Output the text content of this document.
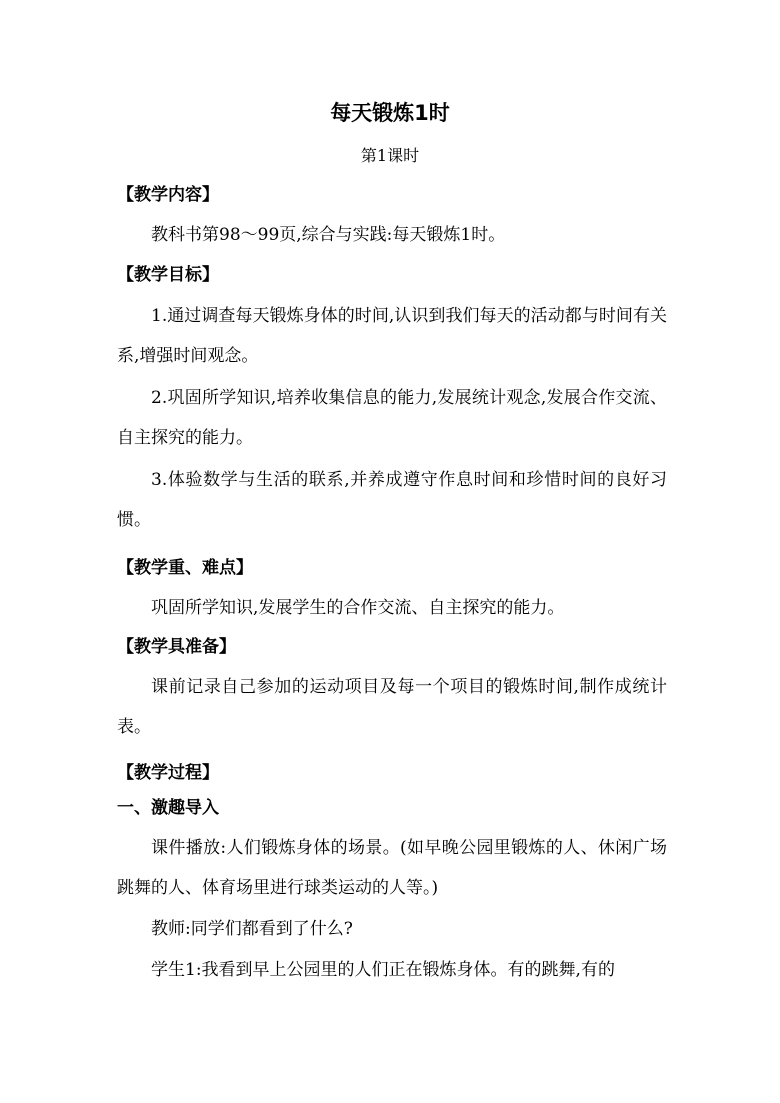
每天锻炼1时
第1课时
【教学内容】
教科书第98～99页,综合与实践:每天锻炼1时。
【教学目标】
1.通过调查每天锻炼身体的时间,认识到我们每天的活动都与时间有关系,增强时间观念。
2.巩固所学知识,培养收集信息的能力,发展统计观念,发展合作交流、自主探究的能力。
3.体验数学与生活的联系,并养成遵守作息时间和珍惜时间的良好习惯。
【教学重、难点】
巩固所学知识,发展学生的合作交流、自主探究的能力。
【教学具准备】
课前记录自己参加的运动项目及每一个项目的锻炼时间,制作成统计表。
【教学过程】
一、激趣导入
课件播放:人们锻炼身体的场景。(如早晚公园里锻炼的人、休闲广场跳舞的人、体育场里进行球类运动的人等。)
教师:同学们都看到了什么?
学生1:我看到早上公园里的人们正在锻炼身体。有的跳舞,有的
